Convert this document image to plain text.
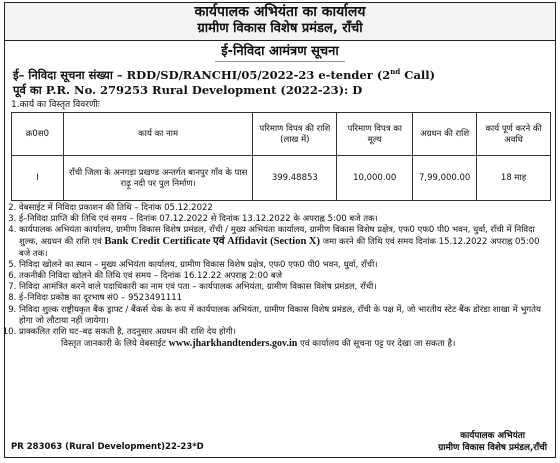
कार्यपालक अभियंता का कार्यालय
ग्रामीण विकास विशेष प्रमंडल, राँची
ई-निविदा आमंत्रण सूचना
ई– निविदा सूचना संख्या – RDD/SD/RANCHI/05/2022-23 e-tender (2nd Call)
पूर्व का P.R. No. 279253 Rural Development (2022-23): D
1.कार्य का विस्तृत विवरणीः
क्र0स0	कार्य का नाम	परिमाण विपत्र की राशि (लाख में)	परिमाण विपत्र का मूल्य	अग्रधन की राशि	कार्य पूर्ण करने की अवधि
I	राँची जिला के अनगड़ा प्रखण्ड अन्तर्गत बानपुर गाँव के पास राढ़ू नदी पर पुल निर्माण।	399.48853	10,000.00	7,99,000.00	18 माह
2. वेबसाईट में निविदा प्रकाशन की तिथि – दिनांक 05.12.2022
3. ई–निविदा प्राप्ति की तिथि एवं समय – दिनांक 07.12.2022 से दिनांक 13.12.2022 के अपराह्न 5:00 बजे तक।
4. कार्यपालक अभियंता कार्यालय, ग्रामीण विकास विशेष प्रमंडल, राँची / मुख्य अभियंता कार्यालय, ग्रामीण विकास विशेष प्रक्षेत्र, एफ0 एफ0 पी0 भवन, धुर्वा, राँची में निविदा शुल्क, अग्रधन की राशि एवं Bank Credit Certificate एवं Affidavit (Section X) जमा करने की तिथि एवं समय दिनांक 15.12.2022 अपराह्न 05:00 बजे तक।
5. निविदा खोलने का स्थान – मुख्य अभियंता कार्यालय, ग्रामीण विकास विशेष प्रक्षेत्र, एफ0 एफ0 पी0 भवन, धुर्वा, राँची।
6. तकनीकी निविदा खोलने की तिथि एवं समय – दिनांक 16.12.22 अपराह्न 2:00 बजे
7. निविदा आमंत्रित करने वाले पदाधिकारी का नाम एवं पता – कार्यपालक अभियंता, ग्रामीण विकास विशेष प्रमंडल, राँची।
8. ई–निविदा प्रकोष्ठ का दूरभाष सं0 – 9523491111
9. निविदा शुल्क राष्ट्रीयकृत बैंक ड्राफ्ट / बैंकर्स चेक के रूप में कार्यपालक अभियंता, ग्रामीण विकास विशेष प्रमंडल, राँची के पक्ष में, जो भारतीय स्टेट बैंक डोरंडा शाखा में भुगतेय होगा जो लौटाया नहीं जायेगा।
10. प्राक्कलित राशि घट–बढ़ सकती है, तदनुसार अग्रधन की राशि देय होगी।
विस्तृत जानकारी के लिये वेबसाईट www.jharkhandtenders.gov.in एवं कार्यालय की सूचना पट्ट पर देखा जा सकता है।
PR 283063 (Rural Development)22-23*D
कार्यपालक अभियंता
ग्रामीण विकास विशेष प्रमंडल,राँची
